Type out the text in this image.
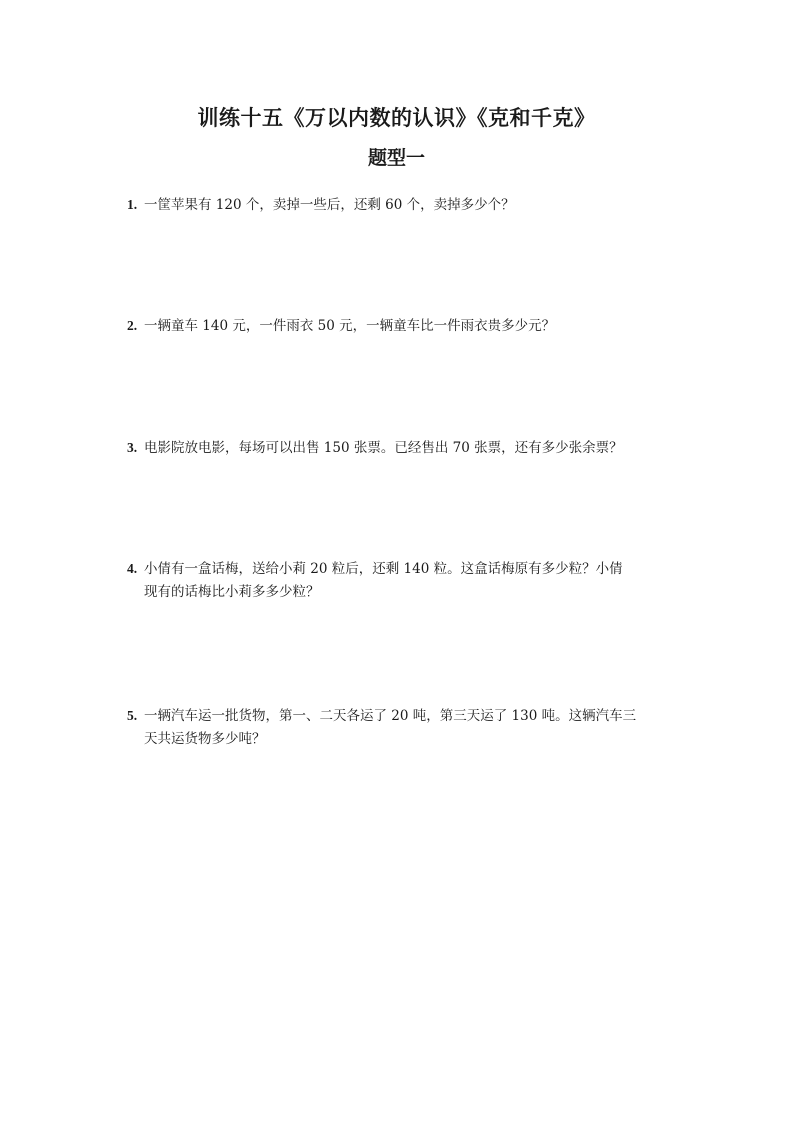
训练十五《万以内数的认识》《克和千克》
题型一
1. 一筐苹果有 120 个，卖掉一些后，还剩 60 个，卖掉多少个？
2. 一辆童车 140 元，一件雨衣 50 元，一辆童车比一件雨衣贵多少元？
3. 电影院放电影，每场可以出售 150 张票。已经售出 70 张票，还有多少张余票？
4. 小倩有一盒话梅，送给小莉 20 粒后，还剩 140 粒。这盒话梅原有多少粒？小倩
现有的话梅比小莉多多少粒？
5. 一辆汽车运一批货物，第一、二天各运了 20 吨，第三天运了 130 吨。这辆汽车三
天共运货物多少吨？
